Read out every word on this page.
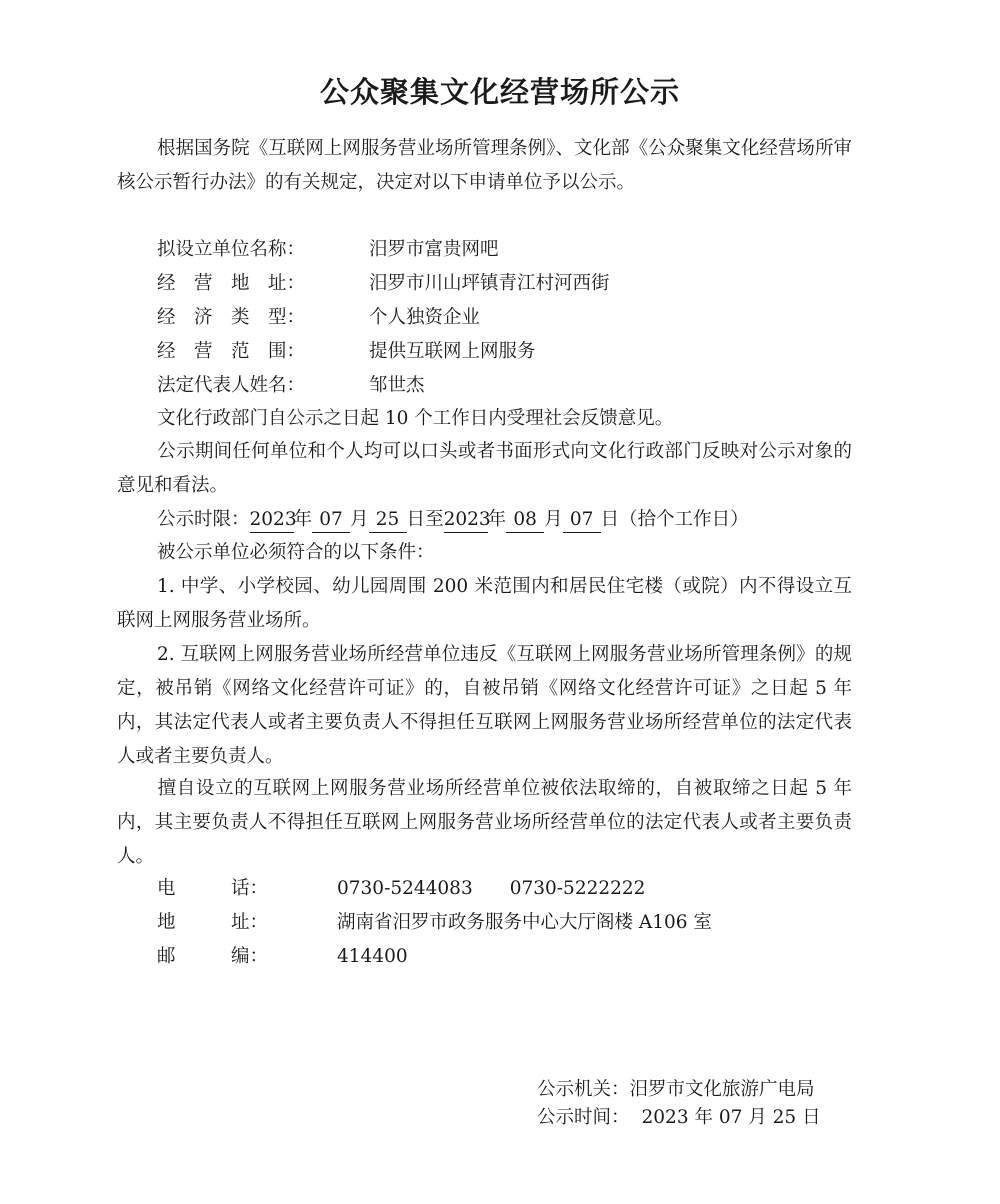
公众聚集文化经营场所公示
根据国务院《互联网上网服务营业场所管理条例》、文化部《公众聚集文化经营场所审核公示暂行办法》的有关规定，决定对以下申请单位予以公示。
拟设立单位名称：	汨罗市富贵网吧
经　营　地　址：	汨罗市川山坪镇青江村河西街
经　济　类　型：	个人独资企业
经　营　范　围：	提供互联网上网服务
法定代表人姓名：	邹世杰
文化行政部门自公示之日起 10 个工作日内受理社会反馈意见。
公示期间任何单位和个人均可以口头或者书面形式向文化行政部门反映对公示对象的意见和看法。
公示时限：2023年 07 月 25 日至2023年 08 月 07 日（拾个工作日）
被公示单位必须符合的以下条件：
1. 中学、小学校园、幼儿园周围 200 米范围内和居民住宅楼（或院）内不得设立互联网上网服务营业场所。
2. 互联网上网服务营业场所经营单位违反《互联网上网服务营业场所管理条例》的规定，被吊销《网络文化经营许可证》的，自被吊销《网络文化经营许可证》之日起 5 年内，其法定代表人或者主要负责人不得担任互联网上网服务营业场所经营单位的法定代表人或者主要负责人。
擅自设立的互联网上网服务营业场所经营单位被依法取缔的，自被取缔之日起 5 年内，其主要负责人不得担任互联网上网服务营业场所经营单位的法定代表人或者主要负责人。
电　　　话：	0730-5244083　　0730-5222222
地　　　址：	湖南省汨罗市政务服务中心大厅阁楼 A106 室
邮　　　编：	414400
公示机关：汨罗市文化旅游广电局
公示时间： 2023 年 07 月 25 日
